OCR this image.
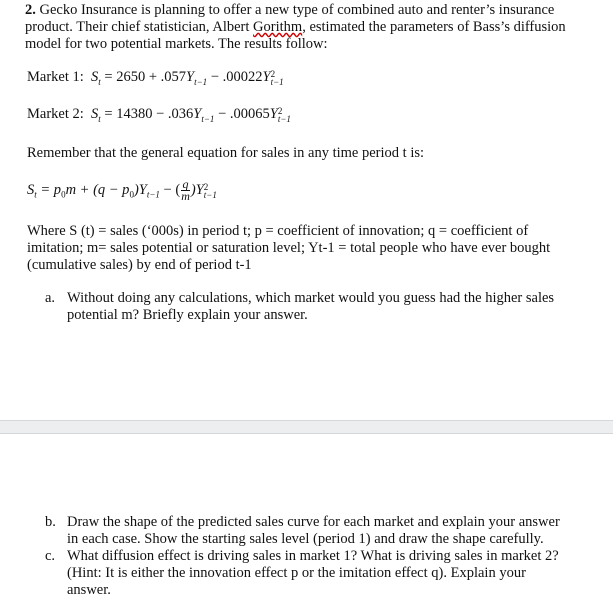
2. Gecko Insurance is planning to offer a new type of combined auto and renter’s insurance product. Their chief statistician, Albert Gorithm, estimated the parameters of Bass’s diffusion model for two potential markets. The results follow:
Market 1: $S_t = 2650 + .057Y_{t-1} - .00022Y$ 2
t−1
Market 2: $S_t = 14380 - .036Y_{t-1} - .00065Y$ 2
t−1
Remember that the general equation for sales in any time period t is:
$S_t = p_0m + (q - p_0)Y_{t-1}$ − ( $\frac{q}{m} )Y$ 2
t−1
Where S (t) = sales (‘000s) in period t; p = coefficient of innovation; q = coefficient of imitation; m= sales potential or saturation level; Yt-1 = total people who have ever bought (cumulative sales) by end of period t-1
a. Without doing any calculations, which market would you guess had the higher sales potential m? Briefly explain your answer.
b. Draw the shape of the predicted sales curve for each market and explain your answer in each case. Show the starting sales level (period 1) and draw the shape carefully.
c. What diffusion effect is driving sales in market 1? What is driving sales in market 2? (Hint: It is either the innovation effect p or the imitation effect q). Explain your answer.
